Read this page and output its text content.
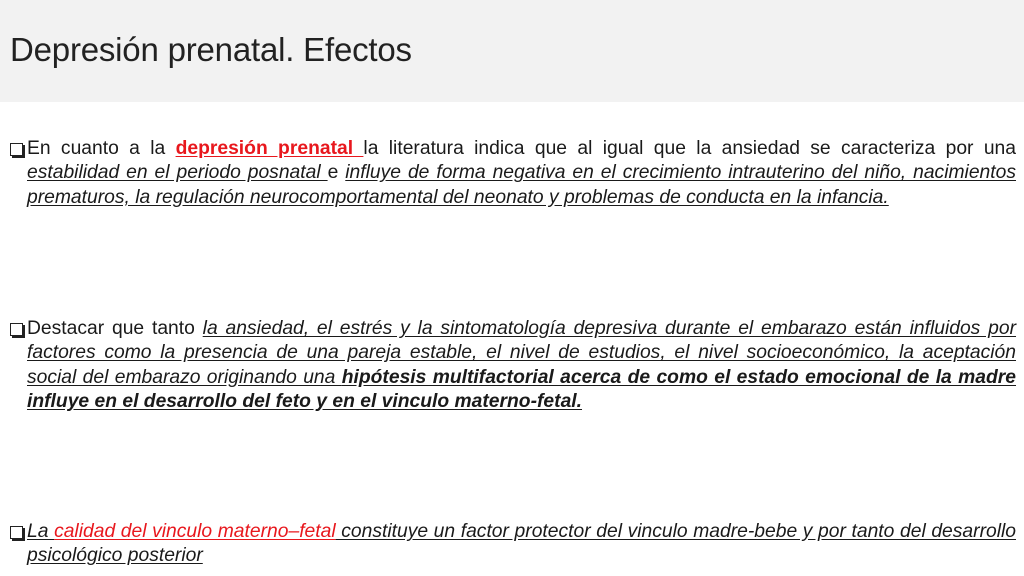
Depresión prenatal. Efectos
En cuanto a la depresión prenatal la literatura indica que al igual que la ansiedad se caracteriza por una estabilidad en el periodo posnatal e influye de forma negativa en el crecimiento intrauterino del niño, nacimientos prematuros, la regulación neurocomportamental del neonato y problemas de conducta en la infancia.
Destacar que tanto la ansiedad, el estrés y la sintomatología depresiva durante el embarazo están influidos por factores como la presencia de una pareja estable, el nivel de estudios, el nivel socioeconómico, la aceptación social del embarazo originando una hipótesis multifactorial acerca de como el estado emocional de la madre influye en el desarrollo del feto y en el vinculo materno-fetal.
La calidad del vinculo materno–fetal constituye un factor protector del vinculo madre-bebe y por tanto del desarrollo psicológico posterior
